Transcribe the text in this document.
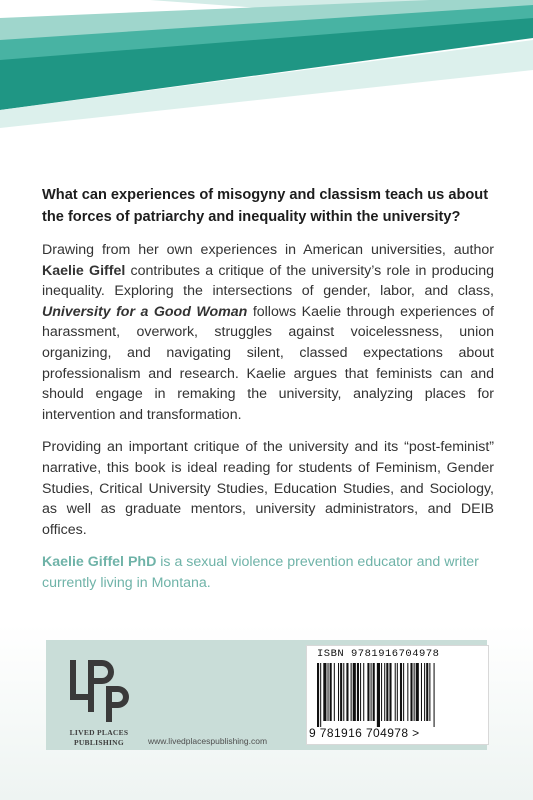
What can experiences of misogyny and classism teach us about the forces of patriarchy and inequality within the university?

Drawing from her own experiences in American universities, author Kaelie Giffel contributes a critique of the university’s role in producing inequality. Exploring the intersections of gender, labor, and class, University for a Good Woman follows Kaelie through experiences of harassment, overwork, struggles against voicelessness, union organizing, and navigating silent, classed expectations about professionalism and research. Kaelie argues that feminists can and should engage in remaking the university, analyzing places for intervention and transformation.

Providing an important critique of the university and its “post-feminist” narrative, this book is ideal reading for students of Feminism, Gender Studies, Critical University Studies, Education Studies, and Sociology, as well as graduate mentors, university administrators, and DEIB offices.

Kaelie Giffel PhD is a sexual violence prevention educator and writer currently living in Montana.

LIVED PLACES
PUBLISHING	www.livedplacespublishing.com
ISBN 9781916704978
9 781916 704978 >
